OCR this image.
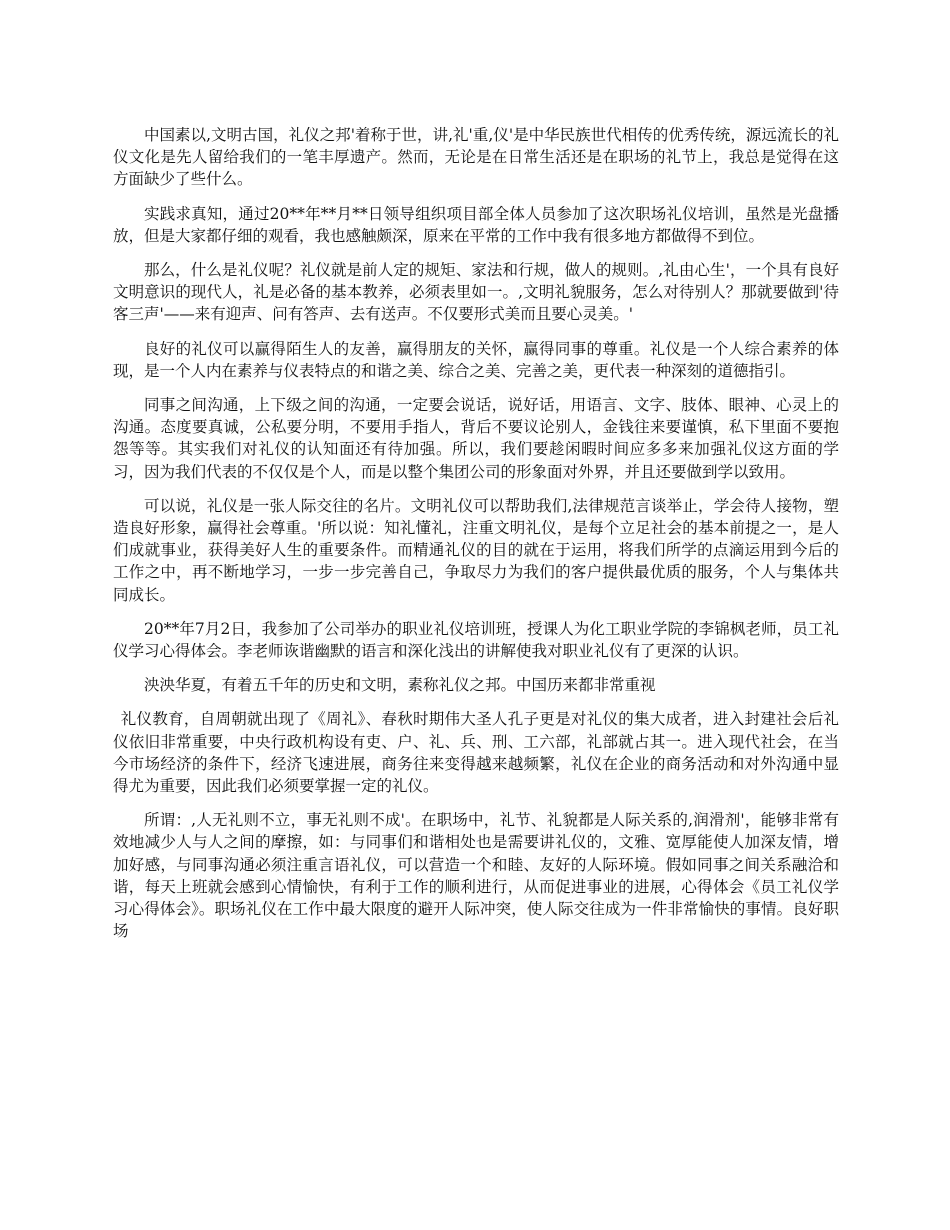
中国素以,文明古国，礼仪之邦'着称于世，讲,礼'重,仪'是中华民族世代相传的优秀传统，源远流长的礼仪文化是先人留给我们的一笔丰厚遗产。然而，无论是在日常生活还是在职场的礼节上，我总是觉得在这方面缺少了些什么。

实践求真知，通过20**年**月**日领导组织项目部全体人员参加了这次职场礼仪培训，虽然是光盘播放，但是大家都仔细的观看，我也感触颇深，原来在平常的工作中我有很多地方都做得不到位。

那么，什么是礼仪呢？礼仪就是前人定的规矩、家法和行规，做人的规则。,礼由心生'，一个具有良好文明意识的现代人，礼是必备的基本教养，必须表里如一。,文明礼貌服务，怎么对待别人？那就要做到'待客三声'——来有迎声、问有答声、去有送声。不仅要形式美而且要心灵美。'

良好的礼仪可以赢得陌生人的友善，赢得朋友的关怀，赢得同事的尊重。礼仪是一个人综合素养的体现，是一个人内在素养与仪表特点的和谐之美、综合之美、完善之美，更代表一种深刻的道德指引。

同事之间沟通，上下级之间的沟通，一定要会说话，说好话，用语言、文字、肢体、眼神、心灵上的沟通。态度要真诚，公私要分明，不要用手指人，背后不要议论别人，金钱往来要谨慎，私下里面不要抱怨等等。其实我们对礼仪的认知面还有待加强。所以，我们要趁闲暇时间应多多来加强礼仪这方面的学习，因为我们代表的不仅仅是个人，而是以整个集团公司的形象面对外界，并且还要做到学以致用。

可以说，礼仪是一张人际交往的名片。文明礼仪可以帮助我们,法律规范言谈举止，学会待人接物，塑造良好形象，赢得社会尊重。'所以说：知礼懂礼，注重文明礼仪，是每个立足社会的基本前提之一，是人们成就事业，获得美好人生的重要条件。而精通礼仪的目的就在于运用，将我们所学的点滴运用到今后的工作之中，再不断地学习，一步一步完善自己，争取尽力为我们的客户提供最优质的服务，个人与集体共同成长。

20**年7月2日，我参加了公司举办的职业礼仪培训班，授课人为化工职业学院的李锦枫老师，员工礼仪学习心得体会。李老师诙谐幽默的语言和深化浅出的讲解使我对职业礼仪有了更深的认识。

泱泱华夏，有着五千年的历史和文明，素称礼仪之邦。中国历来都非常重视

礼仪教育，自周朝就出现了《周礼》、春秋时期伟大圣人孔子更是对礼仪的集大成者，进入封建社会后礼仪依旧非常重要，中央行政机构设有吏、户、礼、兵、刑、工六部，礼部就占其一。进入现代社会，在当今市场经济的条件下，经济飞速进展，商务往来变得越来越频繁，礼仪在企业的商务活动和对外沟通中显得尤为重要，因此我们必须要掌握一定的礼仪。

所谓：,人无礼则不立，事无礼则不成'。在职场中，礼节、礼貌都是人际关系的,润滑剂'，能够非常有效地减少人与人之间的摩擦，如：与同事们和谐相处也是需要讲礼仪的，文雅、宽厚能使人加深友情，增加好感，与同事沟通必须注重言语礼仪，可以营造一个和睦、友好的人际环境。假如同事之间关系融洽和谐，每天上班就会感到心情愉快，有利于工作的顺利进行，从而促进事业的进展，心得体会《员工礼仪学习心得体会》。职场礼仪在工作中最大限度的避开人际冲突，使人际交往成为一件非常愉快的事情。良好职场
